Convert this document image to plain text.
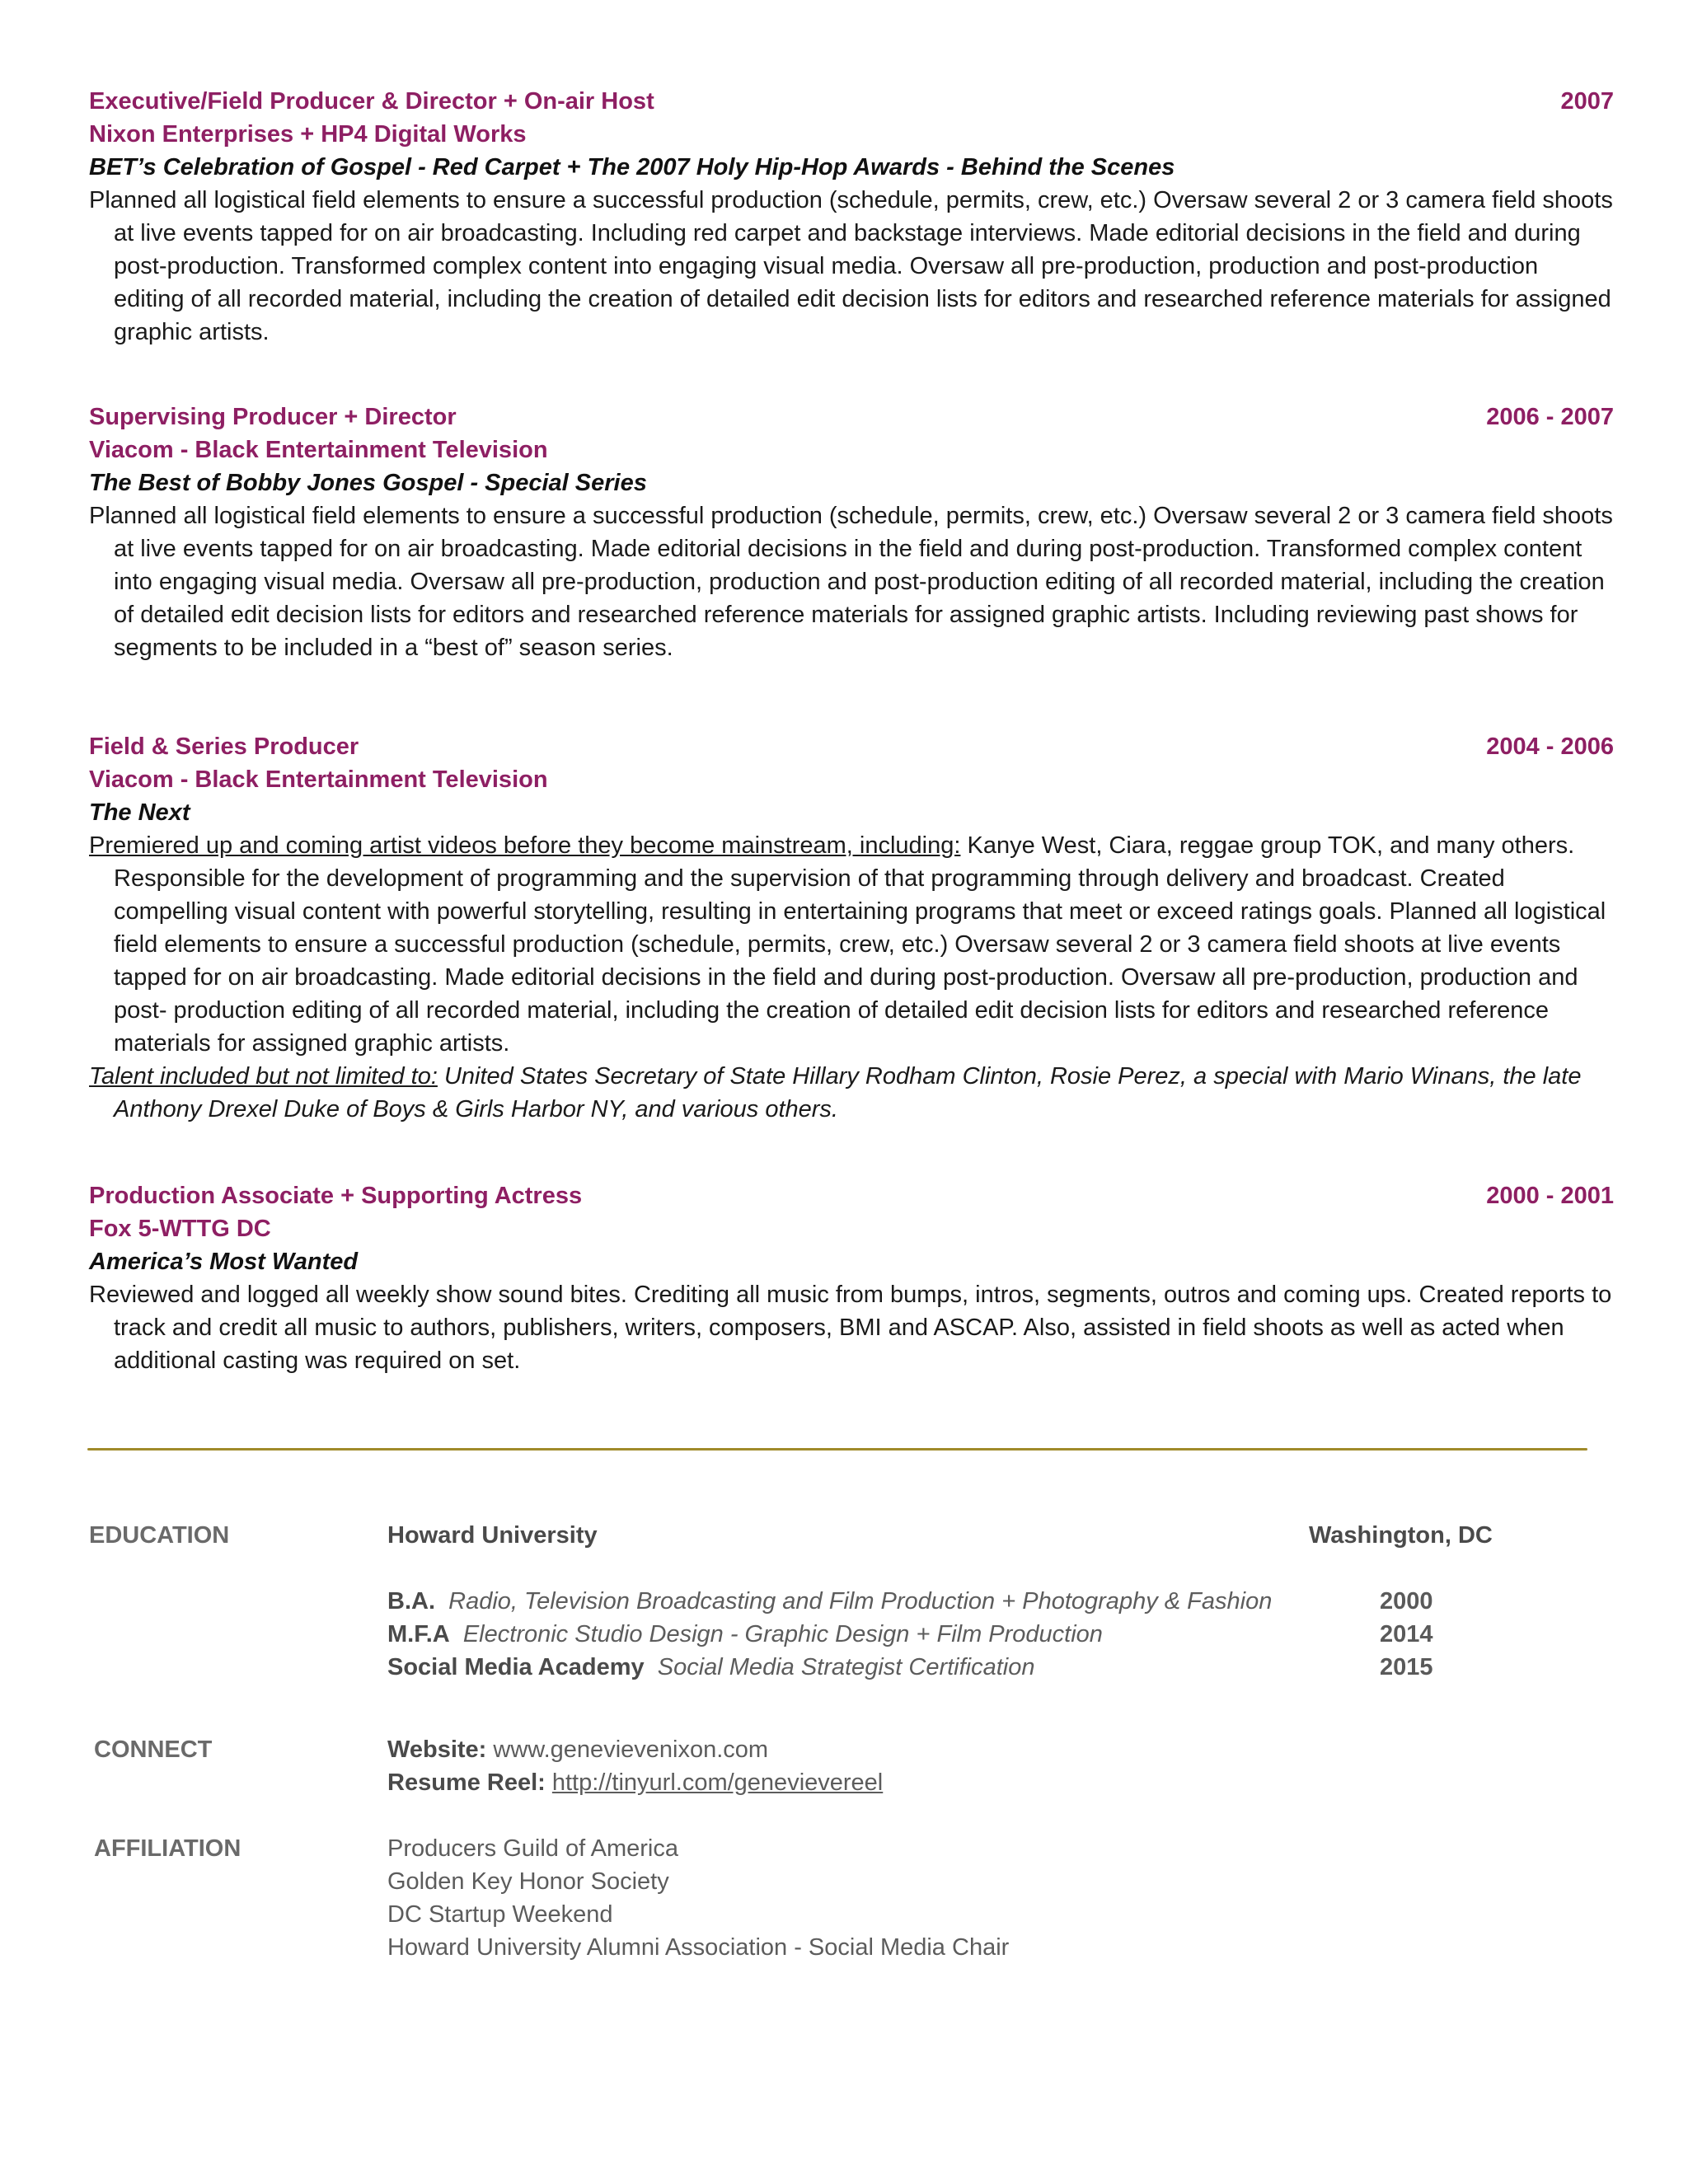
Executive/Field Producer & Director + On-air Host	2007
Nixon Enterprises + HP4 Digital Works
BET’s Celebration of Gospel - Red Carpet + The 2007 Holy Hip-Hop Awards - Behind the Scenes

Planned all logistical field elements to ensure a successful production (schedule, permits, crew, etc.) Oversaw several 2 or 3 camera field shoots at live events tapped for on air broadcasting. Including red carpet and backstage interviews. Made editorial decisions in the field and during post-production. Transformed complex content into engaging visual media. Oversaw all pre-production, production and post-production editing of all recorded material, including the creation of detailed edit decision lists for editors and researched reference materials for assigned graphic artists.

Supervising Producer + Director	2006 - 2007
Viacom - Black Entertainment Television
The Best of Bobby Jones Gospel - Special Series

Planned all logistical field elements to ensure a successful production (schedule, permits, crew, etc.) Oversaw several 2 or 3 camera field shoots at live events tapped for on air broadcasting. Made editorial decisions in the field and during post-production. Transformed complex content into engaging visual media. Oversaw all pre-production, production and post-production editing of all recorded material, including the creation of detailed edit decision lists for editors and researched reference materials for assigned graphic artists. Including reviewing past shows for segments to be included in a “best of” season series.

Field & Series Producer	2004 - 2006
Viacom - Black Entertainment Television
The Next

Premiered up and coming artist videos before they become mainstream, including: Kanye West, Ciara, reggae group TOK, and many others. Responsible for the development of programming and the supervision of that programming through delivery and broadcast. Created compelling visual content with powerful storytelling, resulting in entertaining programs that meet or exceed ratings goals. Planned all logistical field elements to ensure a successful production (schedule, permits, crew, etc.) Oversaw several 2 or 3 camera field shoots at live events tapped for on air broadcasting. Made editorial decisions in the field and during post-production. Oversaw all pre-production, production and post- production editing of all recorded material, including the creation of detailed edit decision lists for editors and researched reference materials for assigned graphic artists.

Talent included but not limited to: United States Secretary of State Hillary Rodham Clinton, Rosie Perez, a special with Mario Winans, the late Anthony Drexel Duke of Boys & Girls Harbor NY, and various others.

Production Associate + Supporting Actress	2000 - 2001
Fox 5-WTTG DC
America’s Most Wanted

Reviewed and logged all weekly show sound bites. Crediting all music from bumps, intros, segments, outros and coming ups. Created reports to track and credit all music to authors, publishers, writers, composers, BMI and ASCAP. Also, assisted in field shoots as well as acted when additional casting was required on set.

EDUCATION	Howard University	Washington, DC
B.A. Radio, Television Broadcasting and Film Production + Photography & Fashion	2000
M.F.A Electronic Studio Design - Graphic Design + Film Production	2014
Social Media Academy Social Media Strategist Certification	2015
CONNECT	Website: www.genevievenixon.com
Resume Reel: http://tinyurl.com/genevievereel
AFFILIATION	Producers Guild of America
Golden Key Honor Society
DC Startup Weekend
Howard University Alumni Association - Social Media Chair
